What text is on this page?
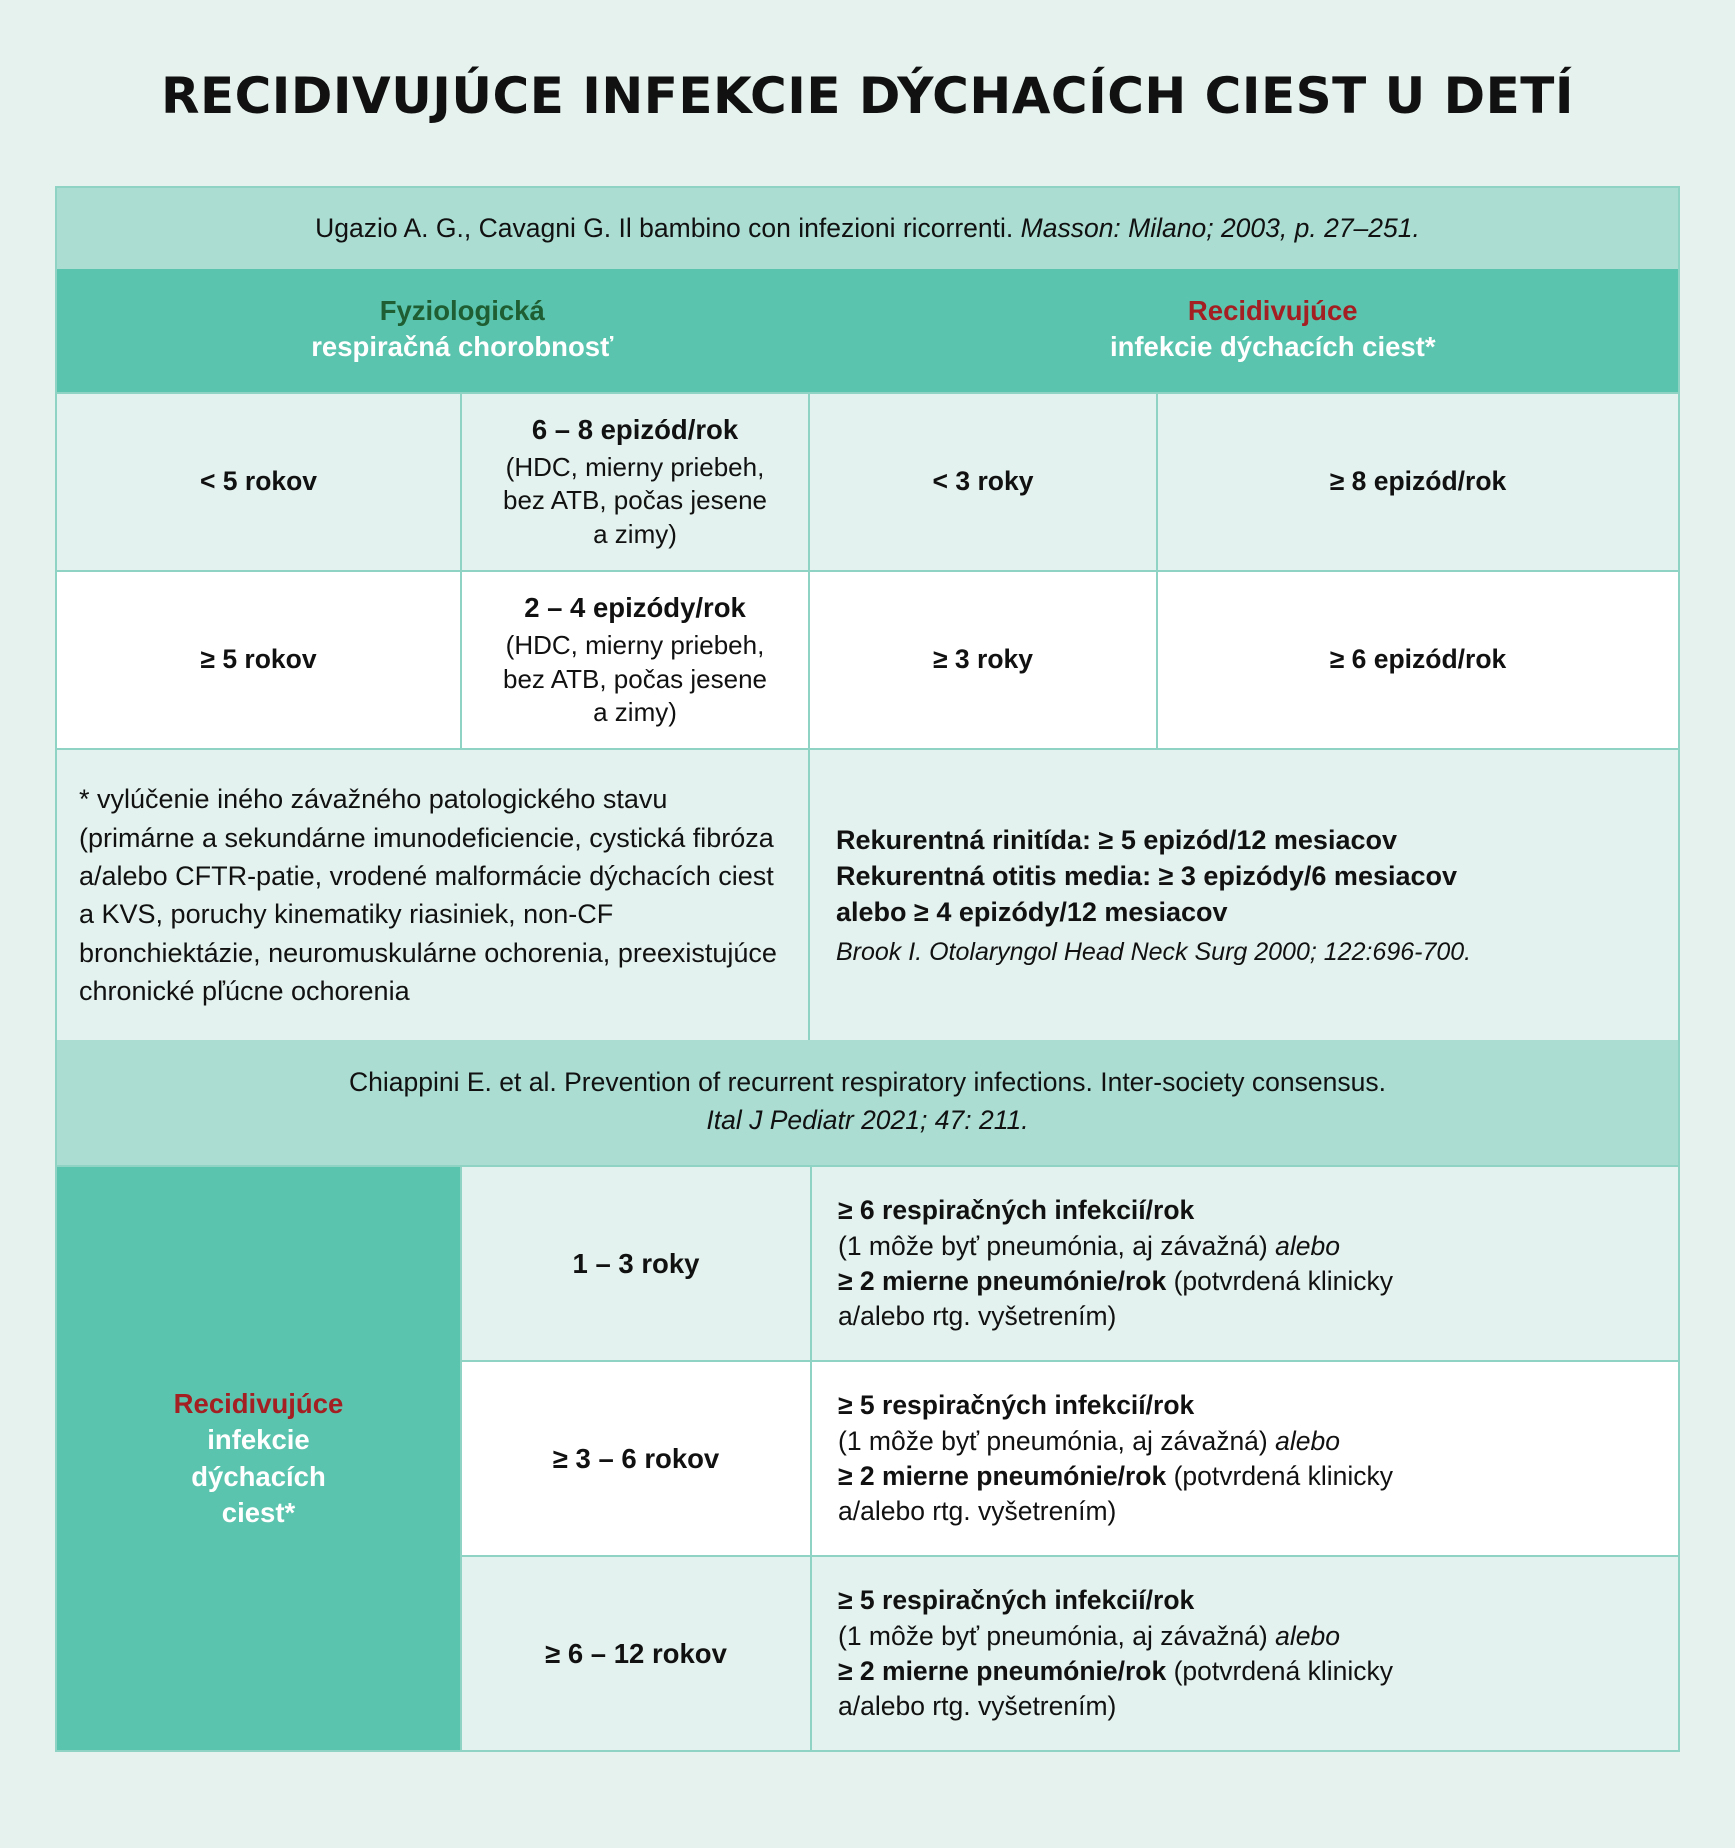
RECIDIVUJÚCE INFEKCIE DÝCHACÍCH CIEST U DETÍ
Ugazio A. G., Cavagni G. Il bambino con infezioni ricorrenti. Masson: Milano; 2003, p. 27–251.
Fyziologická
respiračná chorobnosť
Recidivujúce
infekcie dýchacích ciest*
< 5 rokov
6 – 8 epizód/rok
(HDC, mierny priebeh,
bez ATB, počas jesene
a zimy)
< 3 roky	≥ 8 epizód/rok
≥ 5 rokov
2 – 4 epizódy/rok
(HDC, mierny priebeh,
bez ATB, počas jesene
a zimy)
≥ 3 roky	≥ 6 epizód/rok
* vylúčenie iného závažného patologického stavu (primárne a sekundárne imunodeficiencie, cystická fibróza a/alebo CFTR-patie, vrodené malformácie dýchacích ciest a KVS, poruchy kinematiky riasiniek, non-CF bronchiektázie, neuromuskulárne ochorenia, preexistujúce chronické pľúcne ochorenia
Rekurentná rinitída: ≥ 5 epizód/12 mesiacov
Rekurentná otitis media: ≥ 3 epizódy/6 mesiacov
alebo ≥ 4 epizódy/12 mesiacov
Brook I. Otolaryngol Head Neck Surg 2000; 122:696-700.
Chiappini E. et al. Prevention of recurrent respiratory infections. Inter-society consensus.
Ital J Pediatr 2021; 47: 211.
Recidivujúce
infekcie
dýchacích
ciest*
1 – 3 roky

≥ 6 respiračných infekcií/rok

(1 môže byť pneumónia, aj závažná) alebo

≥ 2 mierne pneumónie/rok (potvrdená klinicky

a/alebo rtg. vyšetrením)

≥ 3 – 6 rokov

≥ 5 respiračných infekcií/rok

(1 môže byť pneumónia, aj závažná) alebo

≥ 2 mierne pneumónie/rok (potvrdená klinicky

a/alebo rtg. vyšetrením)

≥ 6 – 12 rokov

≥ 5 respiračných infekcií/rok

(1 môže byť pneumónia, aj závažná) alebo

≥ 2 mierne pneumónie/rok (potvrdená klinicky

a/alebo rtg. vyšetrením)
